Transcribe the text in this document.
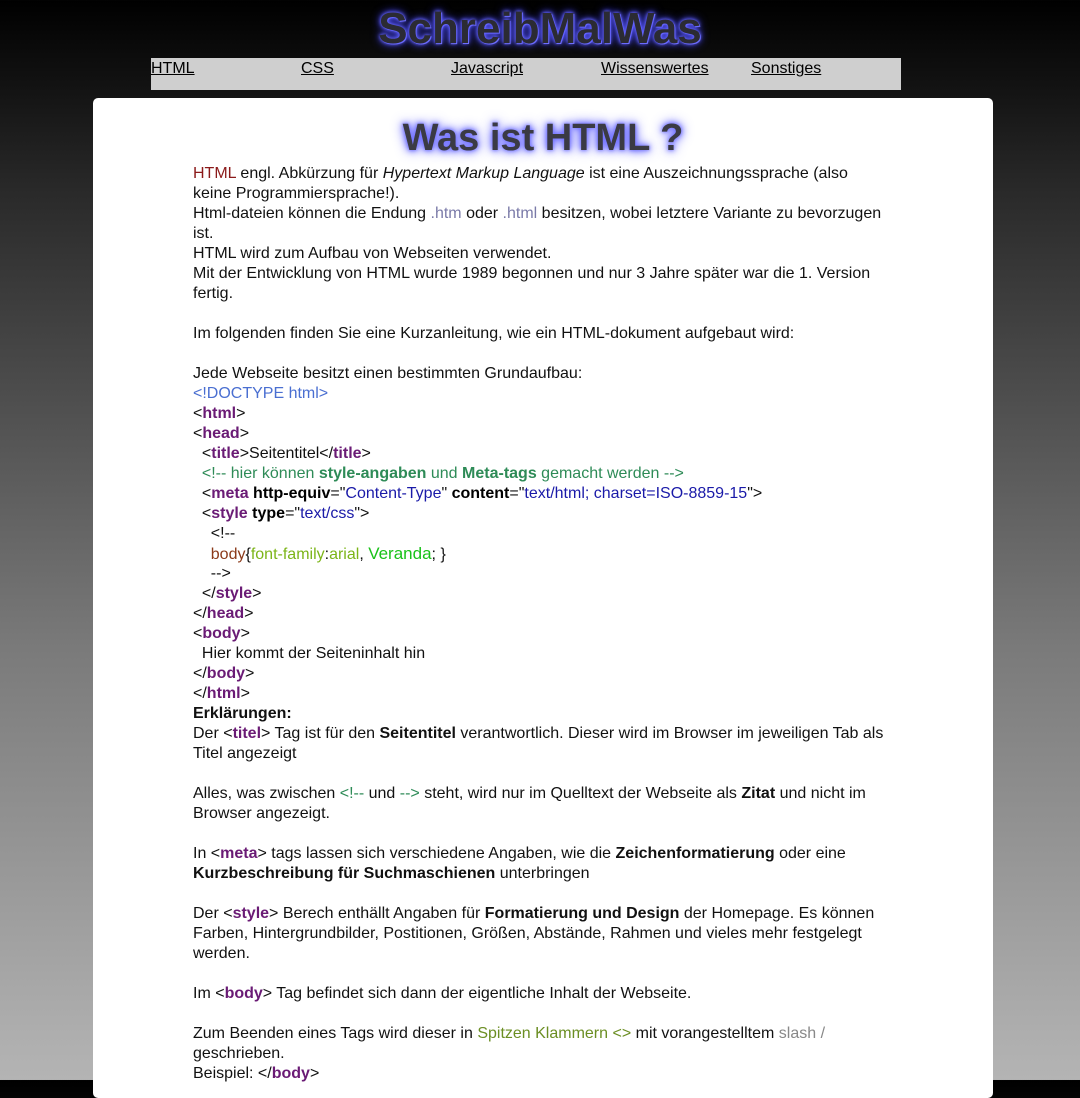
SchreibMalWas
HTML	CSS	Javascript	Wissenswertes	Sonstiges
Was ist HTML ?
HTML engl. Abkürzung für Hypertext Markup Language ist eine Auszeichnungssprache (also
keine Programmiersprache!).
Html-dateien können die Endung .htm oder .html besitzen, wobei letztere Variante zu bevorzugen
ist.
HTML wird zum Aufbau von Webseiten verwendet.
Mit der Entwicklung von HTML wurde 1989 begonnen und nur 3 Jahre später war die 1. Version
fertig.
Im folgenden finden Sie eine Kurzanleitung, wie ein HTML-dokument aufgebaut wird:
Jede Webseite besitzt einen bestimmten Grundaufbau:
<!DOCTYPE html>
<html>
<head>
<title>Seitentitel</title>
<!-- hier können style-angaben und Meta-tags gemacht werden -->
<meta http-equiv="Content-Type" content="text/html; charset=ISO-8859-15">
<style type="text/css">
<!--
body{font-family:arial, Veranda; }
-->
</style>
</head>
<body>
Hier kommt der Seiteninhalt hin
</body>
</html>
Erklärungen:
Der <titel> Tag ist für den Seitentitel verantwortlich. Dieser wird im Browser im jeweiligen Tab als
Titel angezeigt
Alles, was zwischen <!-- und --> steht, wird nur im Quelltext der Webseite als Zitat und nicht im
Browser angezeigt.
In <meta> tags lassen sich verschiedene Angaben, wie die Zeichenformatierung oder eine
Kurzbeschreibung für Suchmaschienen unterbringen
Der <style> Berech enthällt Angaben für Formatierung und Design der Homepage. Es können
Farben, Hintergrundbilder, Postitionen, Größen, Abstände, Rahmen und vieles mehr festgelegt
werden.
Im <body> Tag befindet sich dann der eigentliche Inhalt der Webseite.
Zum Beenden eines Tags wird dieser in Spitzen Klammern <> mit vorangestelltem slash /
geschrieben.
Beispiel: </body>
